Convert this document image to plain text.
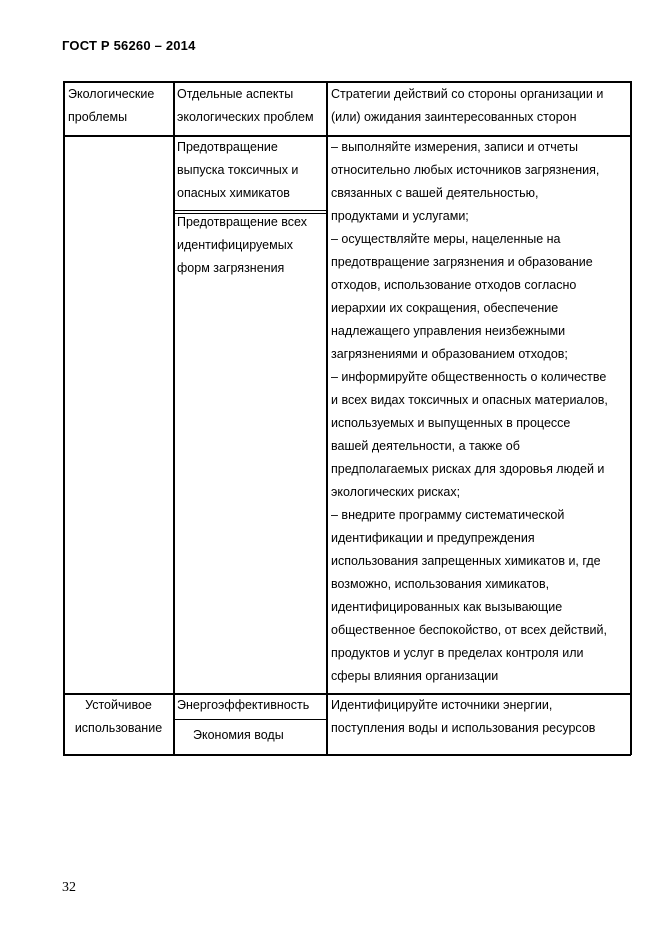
ГОСТ Р 56260 – 2014
Экологические
проблемы
Отдельные аспекты
экологических проблем
Стратегии действий со стороны организации и
(или) ожидания заинтересованных сторон
Предотвращение
выпуска токсичных и
опасных химикатов
Предотвращение всех
идентифицируемых
форм загрязнения
– выполняйте измерения, записи и отчеты
относительно любых источников загрязнения,
связанных с вашей деятельностью,
продуктами и услугами;
– осуществляйте меры, нацеленные на
предотвращение загрязнения и образование
отходов, использование отходов согласно
иерархии их сокращения, обеспечение
надлежащего управления неизбежными
загрязнениями и образованием отходов;
– информируйте общественность о количестве
и всех видах токсичных и опасных материалов,
используемых и выпущенных в процессе
вашей деятельности, а также об
предполагаемых рисках для здоровья людей и
экологических рисках;
– внедрите программу систематической
идентификации и предупреждения
использования запрещенных химикатов и, где
возможно, использования химикатов,
идентифицированных как вызывающие
общественное беспокойство, от всех действий,
продуктов и услуг в пределах контроля или
сферы влияния организации
Устойчивое
использование
Энергоэффективность
Экономия воды
Идентифицируйте источники энергии,
поступления воды и использования ресурсов
32
